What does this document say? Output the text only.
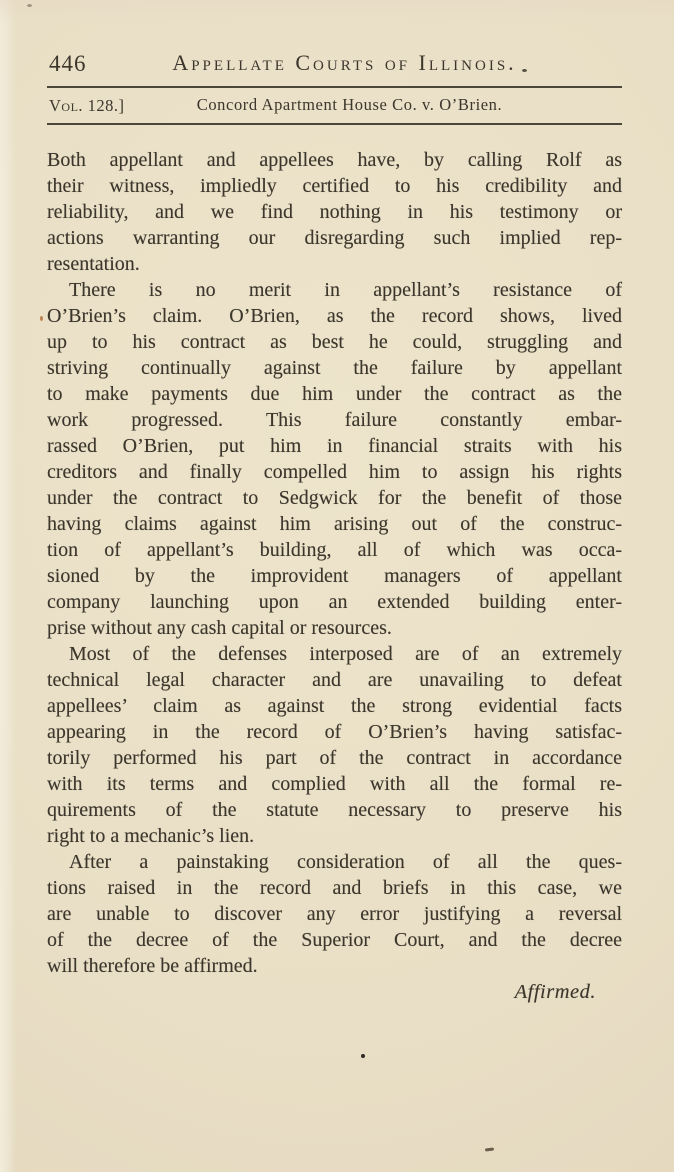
446	Appellate Courts of Illinois.
Vol. 128.]	Concord Apartment House Co. v. O’Brien.
Both appellant and appellees have, by calling Rolf as
their witness, impliedly certified to his credibility and
reliability, and we find nothing in his testimony or
actions warranting our disregarding such implied rep-
resentation.
There is no merit in appellant’s resistance of
O’Brien’s claim. O’Brien, as the record shows, lived
up to his contract as best he could, struggling and
striving continually against the failure by appellant
to make payments due him under the contract as the
work progressed. This failure constantly embar-
rassed O’Brien, put him in financial straits with his
creditors and finally compelled him to assign his rights
under the contract to Sedgwick for the benefit of those
having claims against him arising out of the construc-
tion of appellant’s building, all of which was occa-
sioned by the improvident managers of appellant
company launching upon an extended building enter-
prise without any cash capital or resources.
Most of the defenses interposed are of an extremely
technical legal character and are unavailing to defeat
appellees’ claim as against the strong evidential facts
appearing in the record of O’Brien’s having satisfac-
torily performed his part of the contract in accordance
with its terms and complied with all the formal re-
quirements of the statute necessary to preserve his
right to a mechanic’s lien.
After a painstaking consideration of all the ques-
tions raised in the record and briefs in this case, we
are unable to discover any error justifying a reversal
of the decree of the Superior Court, and the decree
will therefore be affirmed.
Affirmed.
